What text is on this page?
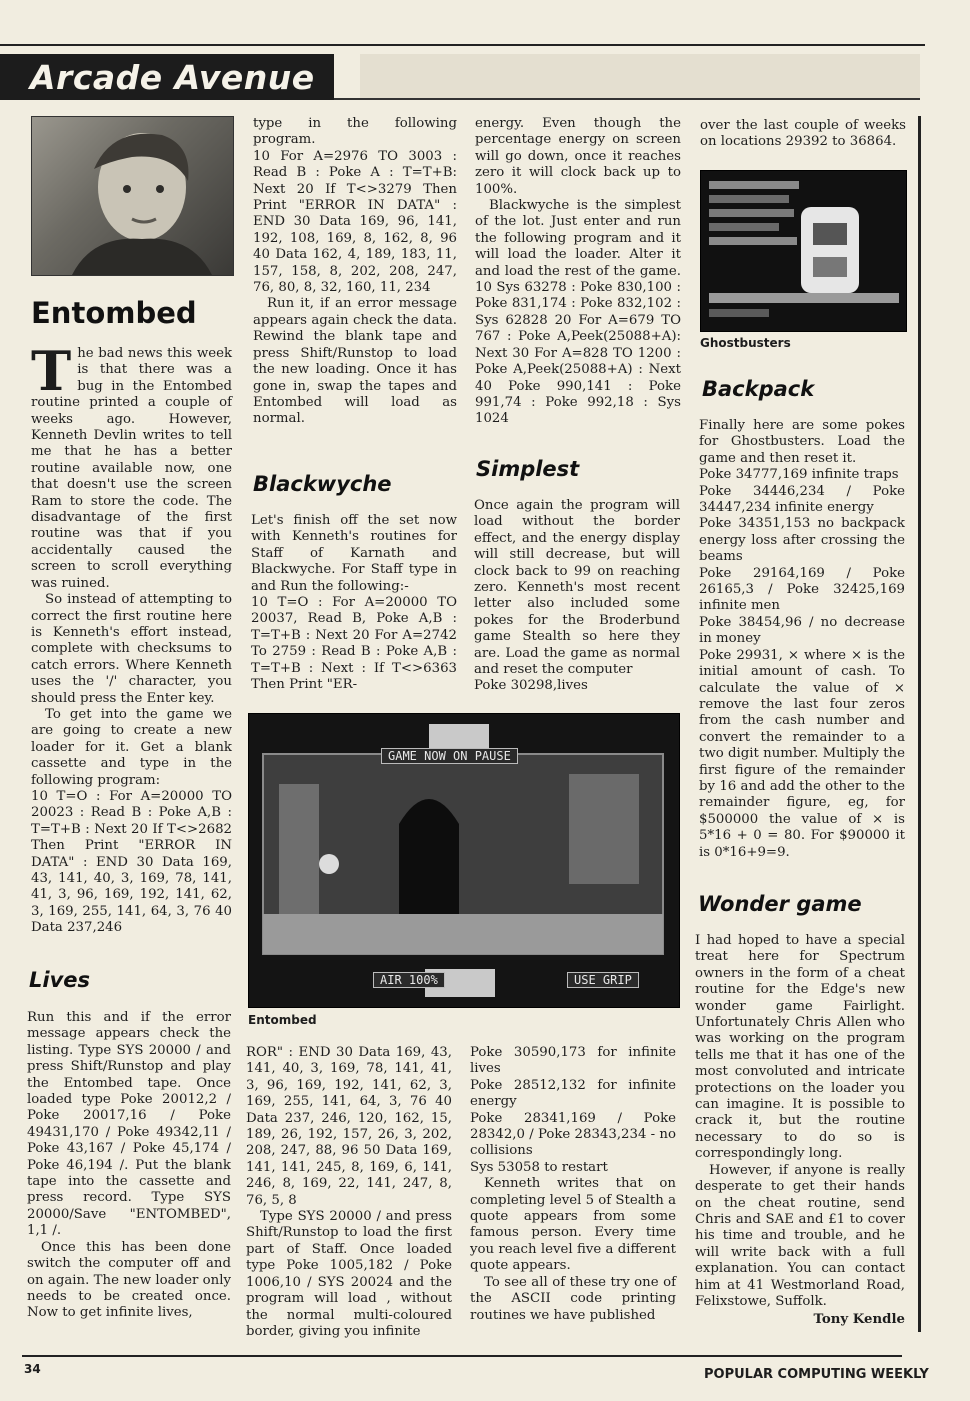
Arcade Avenue
Entombed

The bad news this week is that there was a bug in the Entombed routine printed a couple of weeks ago. However, Kenneth Devlin writes to tell me that he has a better routine available now, one that doesn't use the screen Ram to store the code. The disadvantage of the first routine was that if you accidentally caused the screen to scroll everything was ruined.

So instead of attempting to correct the first routine here is Kenneth's effort instead, complete with checksums to catch errors. Where Kenneth uses the '/' character, you should press the Enter key.

To get into the game we are going to create a new loader for it. Get a blank cassette and type in the following program:

10 T=O : For A=20000 TO 20023 : Read B : Poke A,B : T=T+B : Next 20 If T<>2682 Then Print "ERROR IN DATA" : END 30 Data 169, 43, 141, 40, 3, 169, 78, 141, 41, 3, 96, 169, 192, 141, 62, 3, 169, 255, 141, 64, 3, 76 40 Data 237,246

Lives

Run this and if the error message appears check the listing. Type SYS 20000 / and press Shift/Runstop and play the Entombed tape. Once loaded type Poke 20012,2 / Poke 20017,16 / Poke 49431,170 / Poke 49342,11 / Poke 43,167 / Poke 45,174 / Poke 46,194 /. Put the blank tape into the cassette and press record. Type SYS 20000/Save "ENTOMBED", 1,1 /.

Once this has been done switch the computer off and on again. The new loader only needs to be created once. Now to get infinite lives,

type in the following program.

10 For A=2976 TO 3003 : Read B : Poke A : T=T+B: Next 20 If T<>3279 Then Print "ERROR IN DATA" : END 30 Data 169, 96, 141, 192, 108, 169, 8, 162, 8, 96 40 Data 162, 4, 189, 183, 11, 157, 158, 8, 202, 208, 247, 76, 80, 8, 32, 160, 11, 234

Run it, if an error message appears again check the data. Rewind the blank tape and press Shift/Runstop to load the new loading. Once it has gone in, swap the tapes and Entombed will load as normal.

Blackwyche

Let's finish off the set now with Kenneth's routines for Staff of Karnath and Blackwyche. For Staff type in and Run the following:-

10 T=O : For A=20000 TO 20037, Read B, Poke A,B : T=T+B : Next 20 For A=2742 To 2759 : Read B : Poke A,B : T=T+B : Next : If T<>6363 Then Print "ER-

energy. Even though the percentage energy on screen will go down, once it reaches zero it will clock back up to 100%.

Blackwyche is the simplest of the lot. Just enter and run the following program and it will load the loader. Alter it and load the rest of the game. 10 Sys 63278 : Poke 830,100 : Poke 831,174 : Poke 832,102 : Sys 62828 20 For A=679 TO 767 : Poke A,Peek(25088+A): Next 30 For A=828 TO 1200 : Poke A,Peek(25088+A) : Next 40 Poke 990,141 : Poke 991,74 : Poke 992,18 : Sys 1024

Simplest

Once again the program will load without the border effect, and the energy display will still decrease, but will clock back to 99 on reaching zero. Kenneth's most recent letter also included some pokes for the Broderbund game Stealth so here they are. Load the game as normal and reset the computer

Poke 30298,lives

GAME NOW ON PAUSE
AIR 100%	USE GRIP
Entombed

ROR" : END 30 Data 169, 43, 141, 40, 3, 169, 78, 141, 41, 3, 96, 169, 192, 141, 62, 3, 169, 255, 141, 64, 3, 76 40 Data 237, 246, 120, 162, 15, 189, 26, 192, 157, 26, 3, 202, 208, 247, 88, 96 50 Data 169, 141, 141, 245, 8, 169, 6, 141, 246, 8, 169, 22, 141, 247, 8, 76, 5, 8

Type SYS 20000 / and press Shift/Runstop to load the first part of Staff. Once loaded type Poke 1005,182 / Poke 1006,10 / SYS 20024 and the program will load , without the normal multi-coloured border, giving you infinite

Poke 30590,173 for infinite lives

Poke 28512,132 for infinite energy

Poke 28341,169 / Poke 28342,0 / Poke 28343,234 - no collisions

Sys 53058 to restart

Kenneth writes that on completing level 5 of Stealth a quote appears from some famous person. Every time you reach level five a different quote appears.

To see all of these try one of the ASCII code printing routines we have published

over the last couple of weeks on locations 29392 to 36864.

Ghostbusters
Backpack

Finally here are some pokes for Ghostbusters. Load the game and then reset it.

Poke 34777,169 infinite traps

Poke 34446,234 / Poke 34447,234 infinite energy

Poke 34351,153 no backpack energy loss after crossing the beams

Poke 29164,169 / Poke 26165,3 / Poke 32425,169 infinite men

Poke 38454,96 / no decrease in money

Poke 29931, × where × is the initial amount of cash. To calculate the value of × remove the last four zeros from the cash number and convert the remainder to a two digit number. Multiply the first figure of the remainder by 16 and add the other to the remainder figure, eg, for $500000 the value of × is 5*16 + 0 = 80. For $90000 it is 0*16+9=9.

Wonder game

I had hoped to have a special treat here for Spectrum owners in the form of a cheat routine for the Edge's new wonder game Fairlight. Unfortunately Chris Allen who was working on the program tells me that it has one of the most convoluted and intricate protections on the loader you can imagine. It is possible to crack it, but the routine necessary to do so is correspondingly long.

However, if anyone is really desperate to get their hands on the cheat routine, send Chris and SAE and £1 to cover his time and trouble, and he will write back with a full explanation. You can contact him at 41 Westmorland Road, Felixstowe, Suffolk.

Tony Kendle
34	POPULAR COMPUTING WEEKLY
